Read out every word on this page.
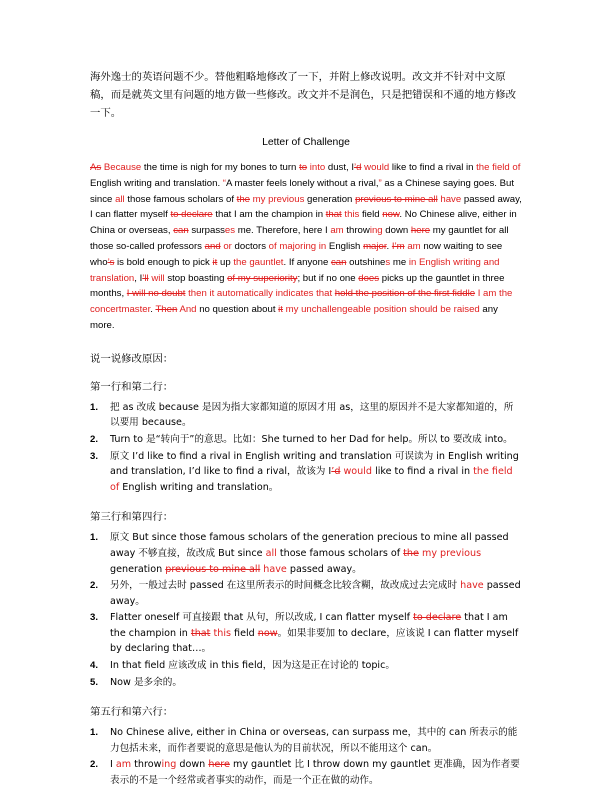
海外逸士的英语问题不少。替他粗略地修改了一下，并附上修改说明。改文并不针对中文原稿，而是就英文里有问题的地方做一些修改。改文并不是润色，只是把错误和不通的地方修改一下。

Letter of Challenge

As Because the time is nigh for my bones to turn to into dust, I’d would like to find a rival in the field of English writing and translation. “A master feels lonely without a rival,” as a Chinese saying goes. But since all those famous scholars of the my previous generation previous to mine all have passed away, I can flatter myself to declare that I am the champion in that this field now. No Chinese alive, either in China or overseas, can surpasses me. Therefore, here I am throwing down here my gauntlet for all those so-called professors and or doctors of majoring in English major. I’m am now waiting to see who’s is bold enough to pick it up the gauntlet. If anyone can outshines me in English writing and translation, I’ll will stop boasting of my superiority; but if no one does picks up the gauntlet in three months, I will no doubt then it automatically indicates that hold the position of the first fiddle I am the concertmaster. Then And no question about it my unchallengeable position should be raised any more.

说一说修改原因：

第一行和第二行：

1. 把 as 改成 because 是因为指大家都知道的原因才用 as，这里的原因并不是大家都知道的，所以要用 because。
2. Turn to 是“转向于”的意思。比如：She turned to her Dad for help。所以 to 要改成 into。
3. 原文 I’d like to find a rival in English writing and translation 可误读为 in English writing and translation, I’d like to find a rival，故该为 I’d would like to find a rival in the field of English writing and translation。

第三行和第四行：

1. 原文 But since those famous scholars of the generation precious to mine all passed away 不够直接，故改成 But since all those famous scholars of the my previous generation previous to mine all have passed away。
2. 另外，一般过去时 passed 在这里所表示的时间概念比较含糊，故改成过去完成时 have passed away。
3. Flatter oneself 可直接跟 that 从句，所以改成, I can flatter myself to declare that I am the champion in that this field now。如果非要加 to declare，应该说 I can flatter myself by declaring that…。
4. In that field 应该改成 in this field，因为这是正在讨论的 topic。
5. Now 是多余的。

第五行和第六行：

1. No Chinese alive, either in China or overseas, can surpass me，其中的 can 所表示的能力包括未来，而作者要说的意思是他认为的目前状况，所以不能用这个 can。
2. I am throwing down here my gauntlet 比 I throw down my gauntlet 更准确，因为作者要表示的不是一个经常或者事实的动作，而是一个正在做的动作。
